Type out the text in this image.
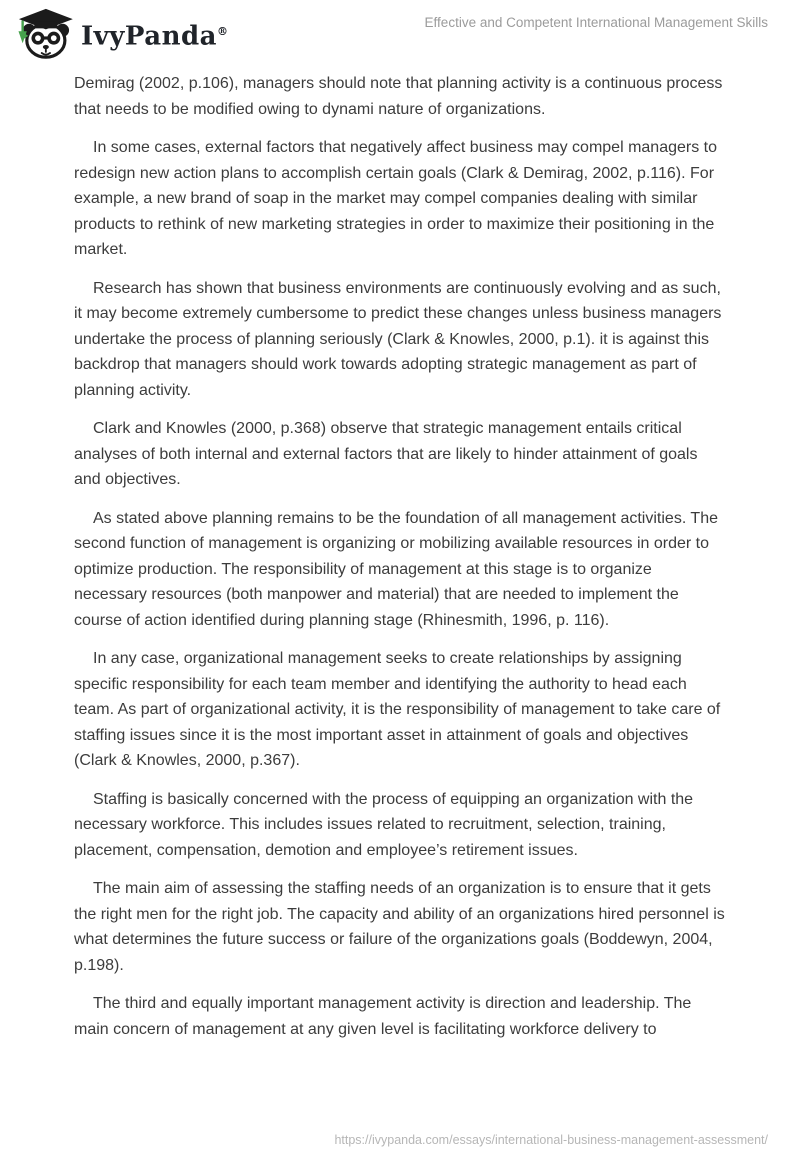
IvyPanda®
Effective and Competent International Management Skills

Demirag (2002, p.106), managers should note that planning activity is a continuous process that needs to be modified owing to dynami nature of organizations.

In some cases, external factors that negatively affect business may compel managers to redesign new action plans to accomplish certain goals (Clark & Demirag, 2002, p.116). For example, a new brand of soap in the market may compel companies dealing with similar products to rethink of new marketing strategies in order to maximize their positioning in the market.

Research has shown that business environments are continuously evolving and as such, it may become extremely cumbersome to predict these changes unless business managers undertake the process of planning seriously (Clark & Knowles, 2000, p.1). it is against this backdrop that managers should work towards adopting strategic management as part of planning activity.

Clark and Knowles (2000, p.368) observe that strategic management entails critical analyses of both internal and external factors that are likely to hinder attainment of goals and objectives.

As stated above planning remains to be the foundation of all management activities. The second function of management is organizing or mobilizing available resources in order to optimize production. The responsibility of management at this stage is to organize necessary resources (both manpower and material) that are needed to implement the course of action identified during planning stage (Rhinesmith, 1996, p. 116).

In any case, organizational management seeks to create relationships by assigning specific responsibility for each team member and identifying the authority to head each team. As part of organizational activity, it is the responsibility of management to take care of staffing issues since it is the most important asset in attainment of goals and objectives (Clark & Knowles, 2000, p.367).

Staffing is basically concerned with the process of equipping an organization with the necessary workforce. This includes issues related to recruitment, selection, training, placement, compensation, demotion and employee’s retirement issues.

The main aim of assessing the staffing needs of an organization is to ensure that it gets the right men for the right job. The capacity and ability of an organizations hired personnel is what determines the future success or failure of the organizations goals (Boddewyn, 2004, p.198).

The third and equally important management activity is direction and leadership. The main concern of management at any given level is facilitating workforce delivery to

https://ivypanda.com/essays/international-business-management-assessment/
